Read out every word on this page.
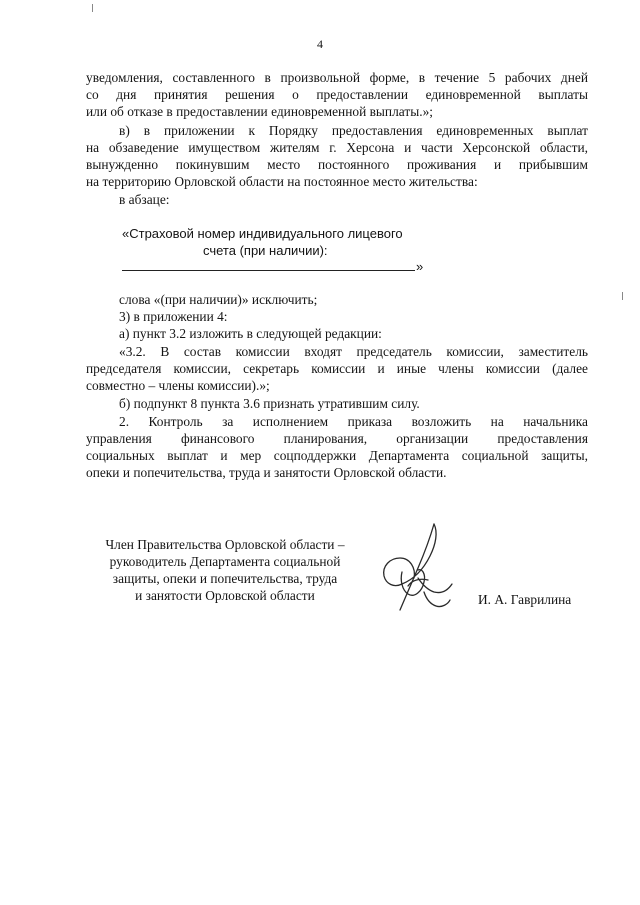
4
уведомления, составленного в произвольной форме, в течение 5 рабочих дней
со дня принятия решения о предоставлении единовременной выплаты
или об отказе в предоставлении единовременной выплаты.»;
в) в приложении к Порядку предоставления единовременных выплат
на обзаведение имуществом жителям г. Херсона и части Херсонской области,
вынужденно покинувшим место постоянного проживания и прибывшим
на территорию Орловской области на постоянное место жительства:
в абзаце:
«Страховой номер индивидуального лицевого
счета (при наличии):
»
слова «(при наличии)» исключить;
3) в приложении 4:
а) пункт 3.2 изложить в следующей редакции:
«3.2. В состав комиссии входят председатель комиссии, заместитель
председателя комиссии, секретарь комиссии и иные члены комиссии (далее
совместно – члены комиссии).»;
б) подпункт 8 пункта 3.6 признать утратившим силу.
2. Контроль за исполнением приказа возложить на начальника
управления финансового планирования, организации предоставления
социальных выплат и мер соцподдержки Департамента социальной защиты,
опеки и попечительства, труда и занятости Орловской области.
Член Правительства Орловской области –
руководитель Департамента социальной
защиты, опеки и попечительства, труда
и занятости Орловской области	И. А. Гаврилина
